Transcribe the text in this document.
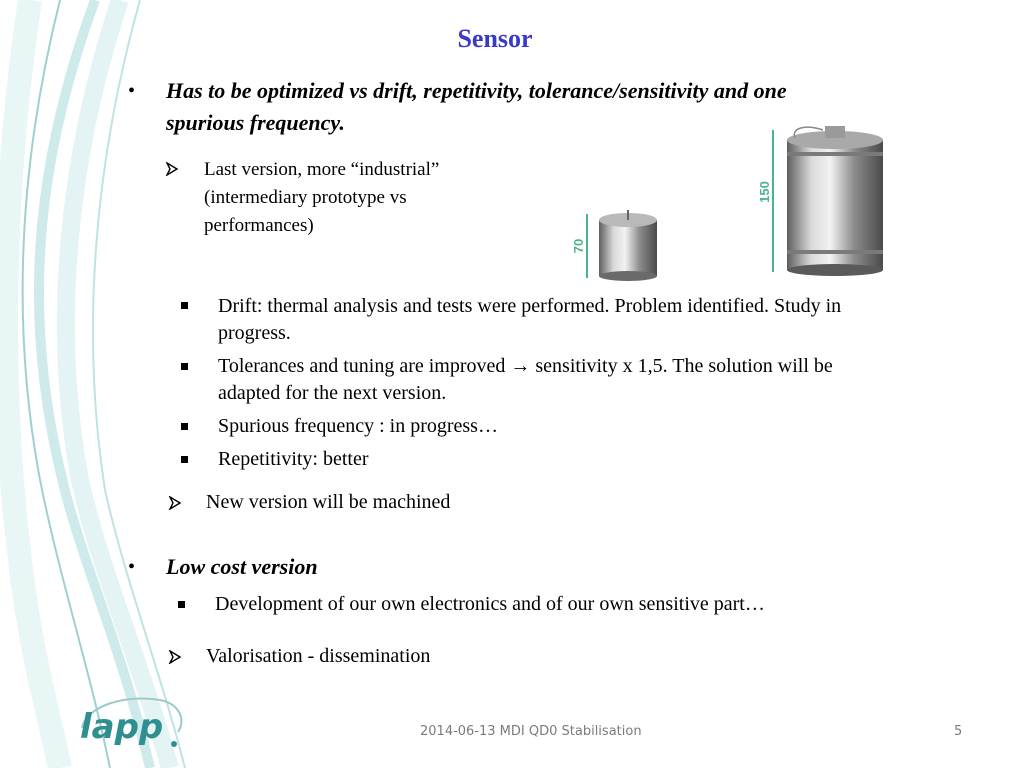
Sensor
• Has to be optimized vs drift, repetitivity, tolerance/sensitivity and one
spurious frequency.
Last version, more “industrial”
(intermediary prototype vs
performances)
70
150
Drift: thermal analysis and tests were performed. Problem identified. Study in
progress.
Tolerances and tuning are improved → sensitivity x 1,5. The solution will be
adapted for the next version.
Spurious frequency : in progress…
Repetitivity: better
New version will be machined
• Low cost version
Development of our own electronics and of our own sensitive part…
Valorisation - dissemination
lapp	2014-06-13 MDI QD0 Stabilisation	5
